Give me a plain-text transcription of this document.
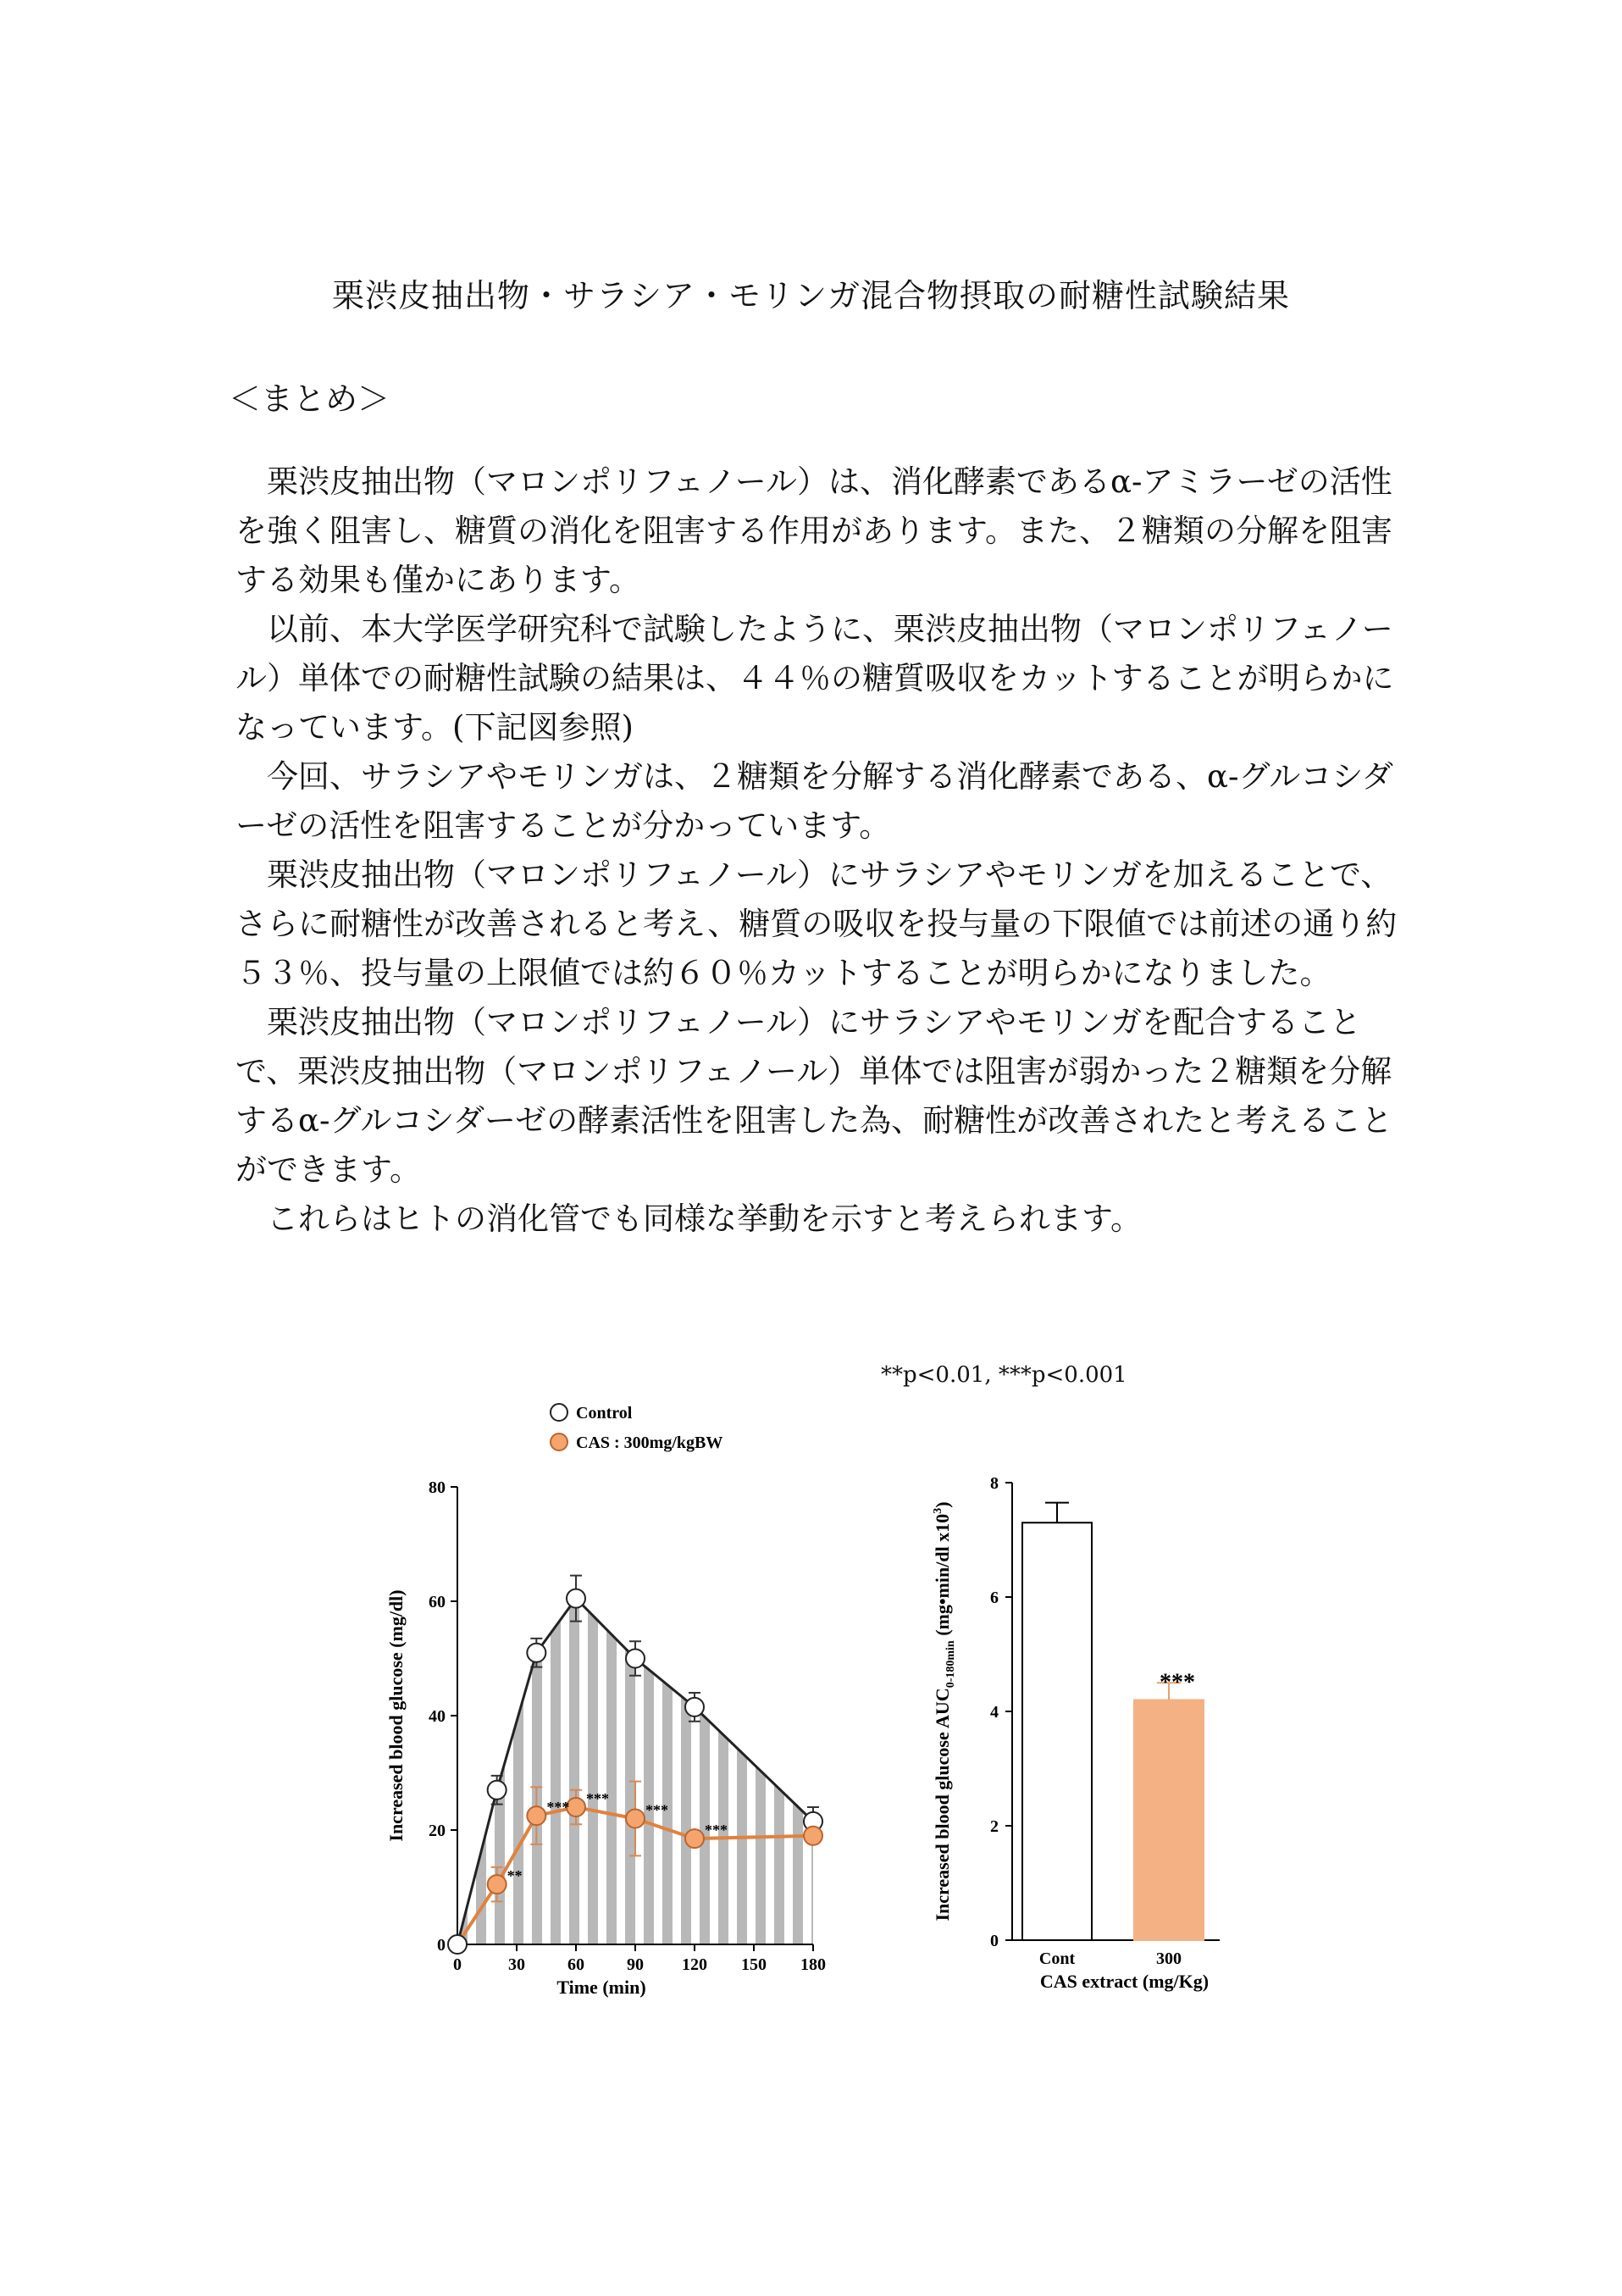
栗渋皮抽出物・サラシア・モリンガ混合物摂取の耐糖性試験結果
＜まとめ＞

栗渋皮抽出物（マロンポリフェノール）は、消化酵素であるα-アミラーゼの活性を強く阻害し、糖質の消化を阻害する作用があります。また、２糖類の分解を阻害する効果も僅かにあります。

以前、本大学医学研究科で試験したように、栗渋皮抽出物（マロンポリフェノール）単体での耐糖性試験の結果は、４４％の糖質吸収をカットすることが明らかになっています。(下記図参照)

今回、サラシアやモリンガは、２糖類を分解する消化酵素である、α-グルコシダーゼの活性を阻害することが分かっています。

栗渋皮抽出物（マロンポリフェノール）にサラシアやモリンガを加えることで、さらに耐糖性が改善されると考え、糖質の吸収を投与量の下限値では前述の通り約５３％、投与量の上限値では約６０％カットすることが明らかになりました。

栗渋皮抽出物（マロンポリフェノール）にサラシアやモリンガを配合することで、栗渋皮抽出物（マロンポリフェノール）単体では阻害が弱かった２糖類を分解するα-グルコシダーゼの酵素活性を阻害した為、耐糖性が改善されたと考えることができます。

これらはヒトの消化管でも同様な挙動を示すと考えられます。

**p<0.01, ***p<0.001
0
20
40
60
80
0	30	60	90 120 150 180
Time (min)
Increased blood glucose (mg/dl)
**
***
***
***
***
Control
CAS : 300mg/kgBW
0
2
4
6
8
Cont	300
***
CAS extract (mg/Kg)
Increased blood glucose $AUC_{0-180min}$ (mg•min/dl $x10^3$)
